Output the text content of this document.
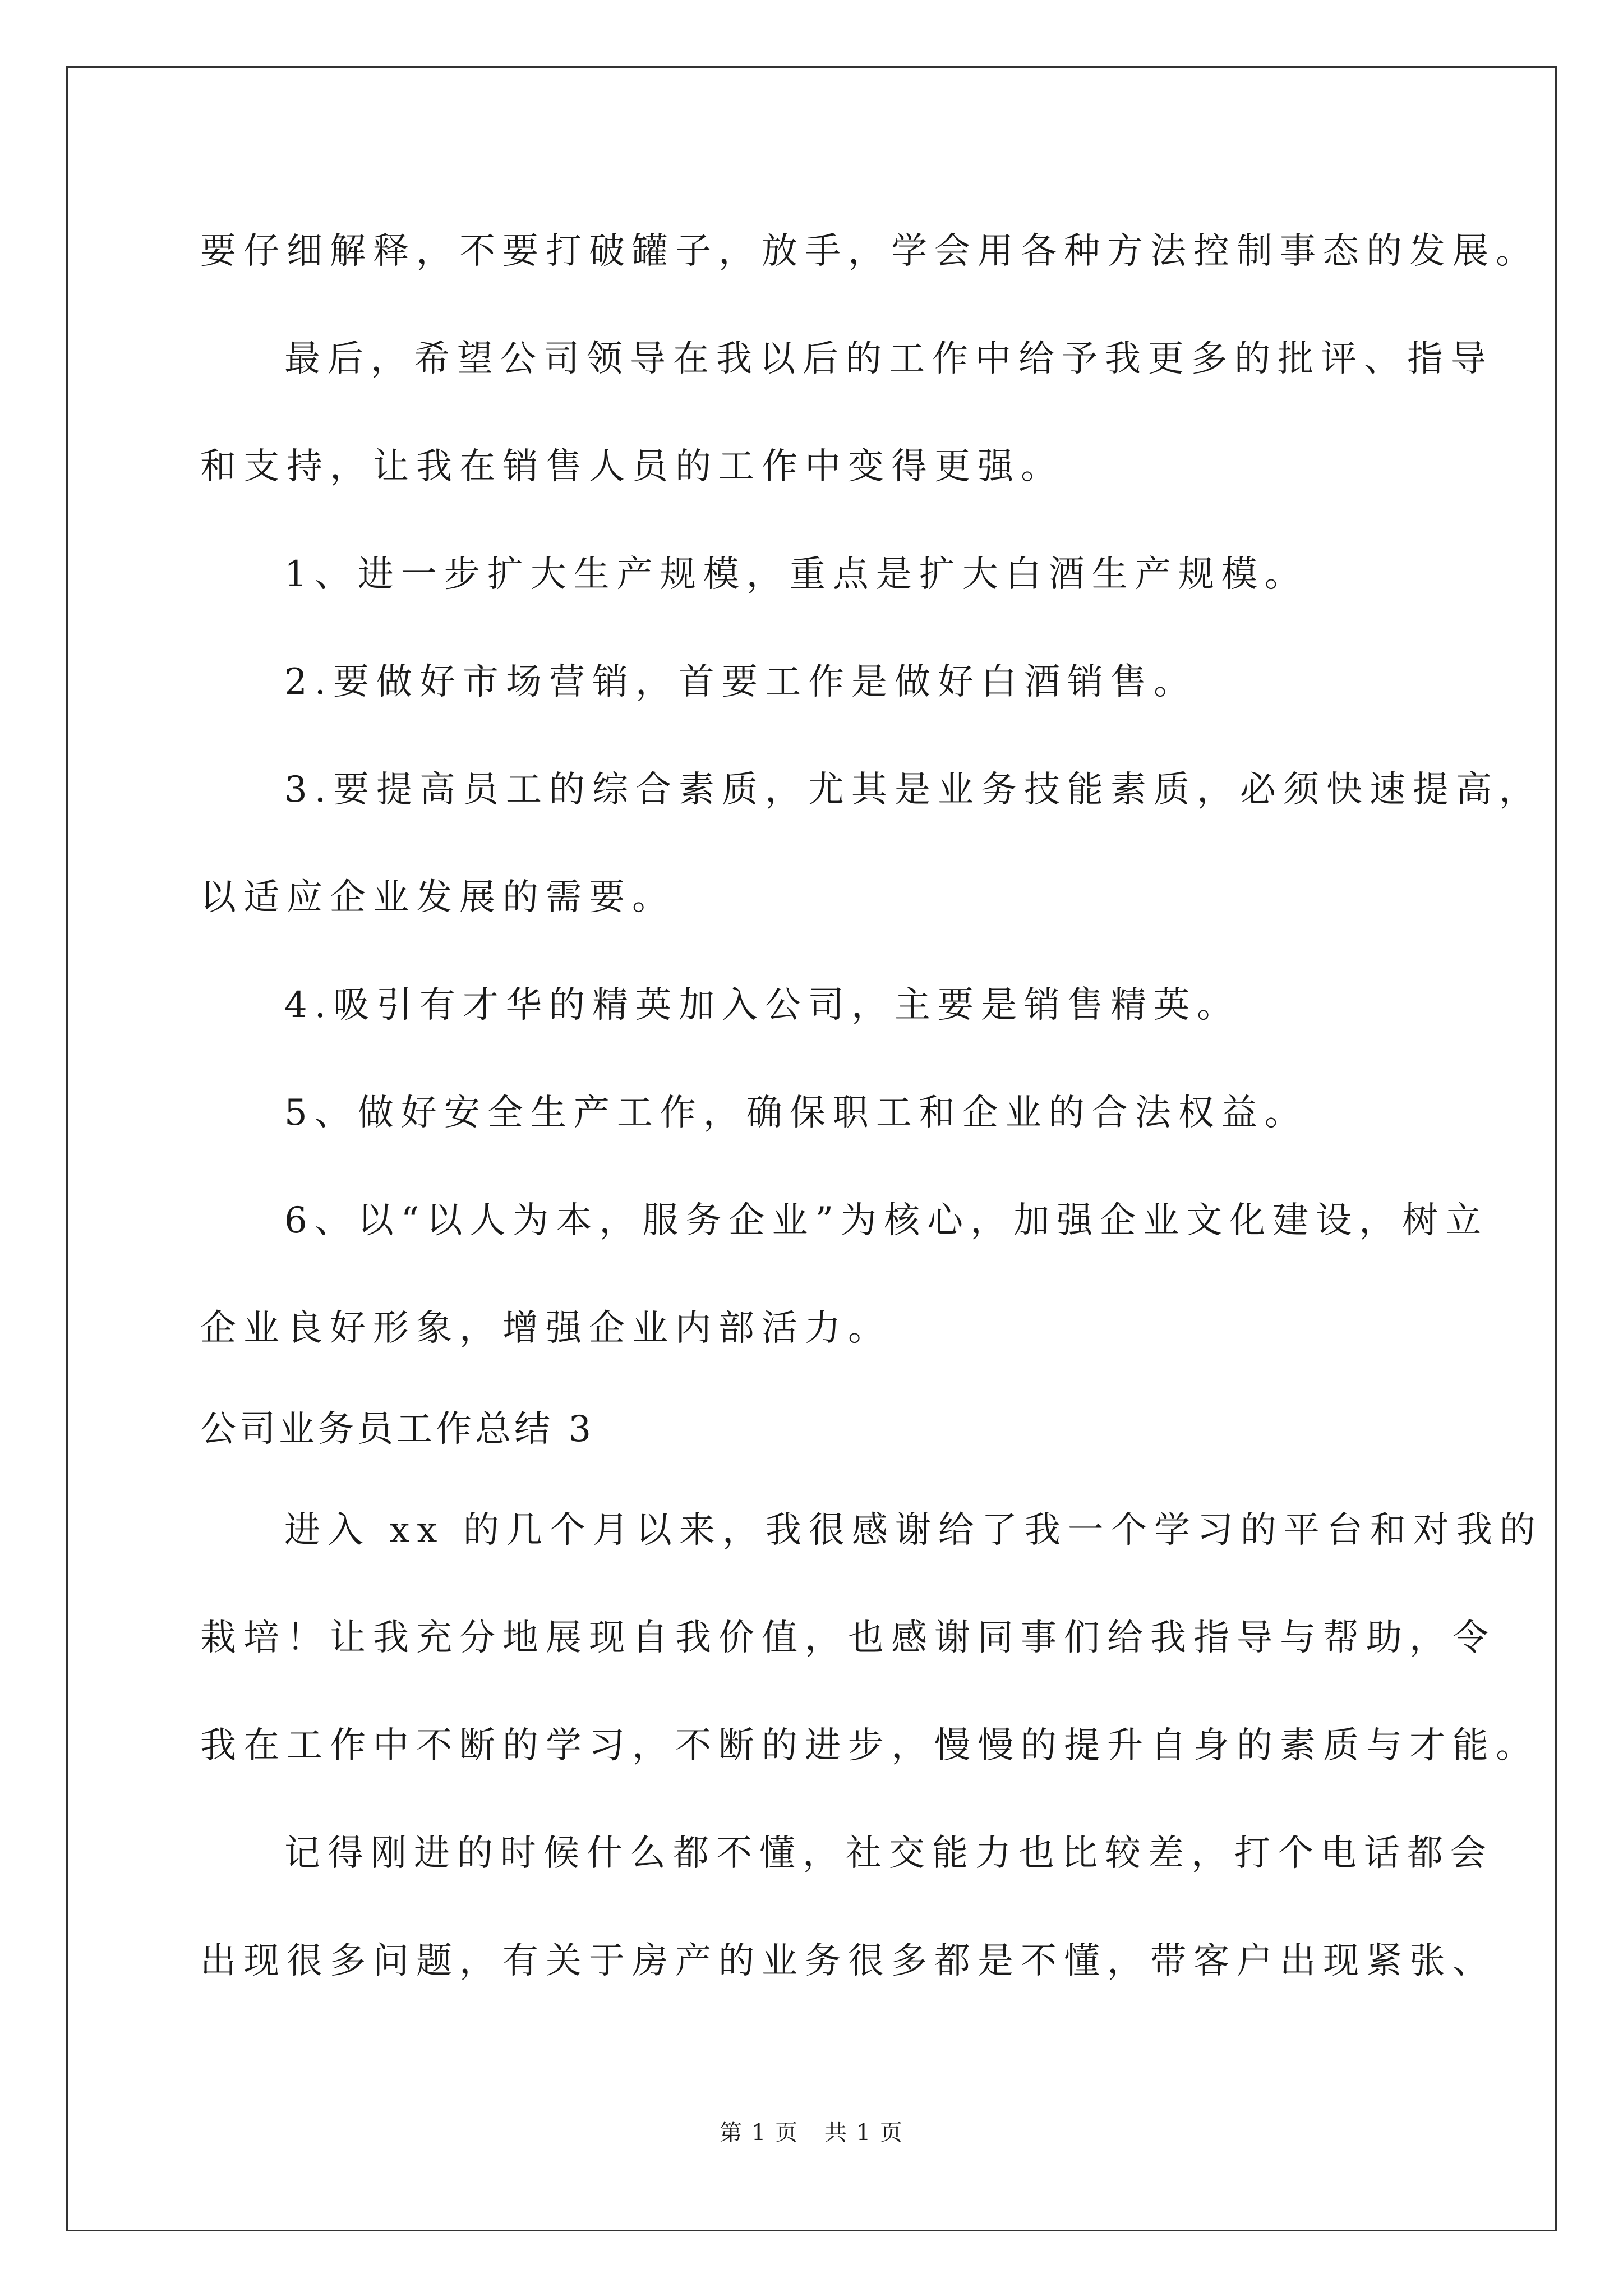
要仔细解释，不要打破罐子，放手，学会用各种方法控制事态的发展。
最后，希望公司领导在我以后的工作中给予我更多的批评、指导
和支持，让我在销售人员的工作中变得更强。
1、进一步扩大生产规模，重点是扩大白酒生产规模。
2.要做好市场营销，首要工作是做好白酒销售。
3.要提高员工的综合素质，尤其是业务技能素质，必须快速提高，
以适应企业发展的需要。
4.吸引有才华的精英加入公司，主要是销售精英。
5、做好安全生产工作，确保职工和企业的合法权益。
6、以“以人为本，服务企业”为核心，加强企业文化建设，树立
企业良好形象，增强企业内部活力。
公司业务员工作总结 3
进入 xx 的几个月以来，我很感谢给了我一个学习的平台和对我的
栽培！让我充分地展现自我价值，也感谢同事们给我指导与帮助，令
我在工作中不断的学习，不断的进步，慢慢的提升自身的素质与才能。
记得刚进的时候什么都不懂，社交能力也比较差，打个电话都会
出现很多问题，有关于房产的业务很多都是不懂，带客户出现紧张、
第 1 页 共 1 页
